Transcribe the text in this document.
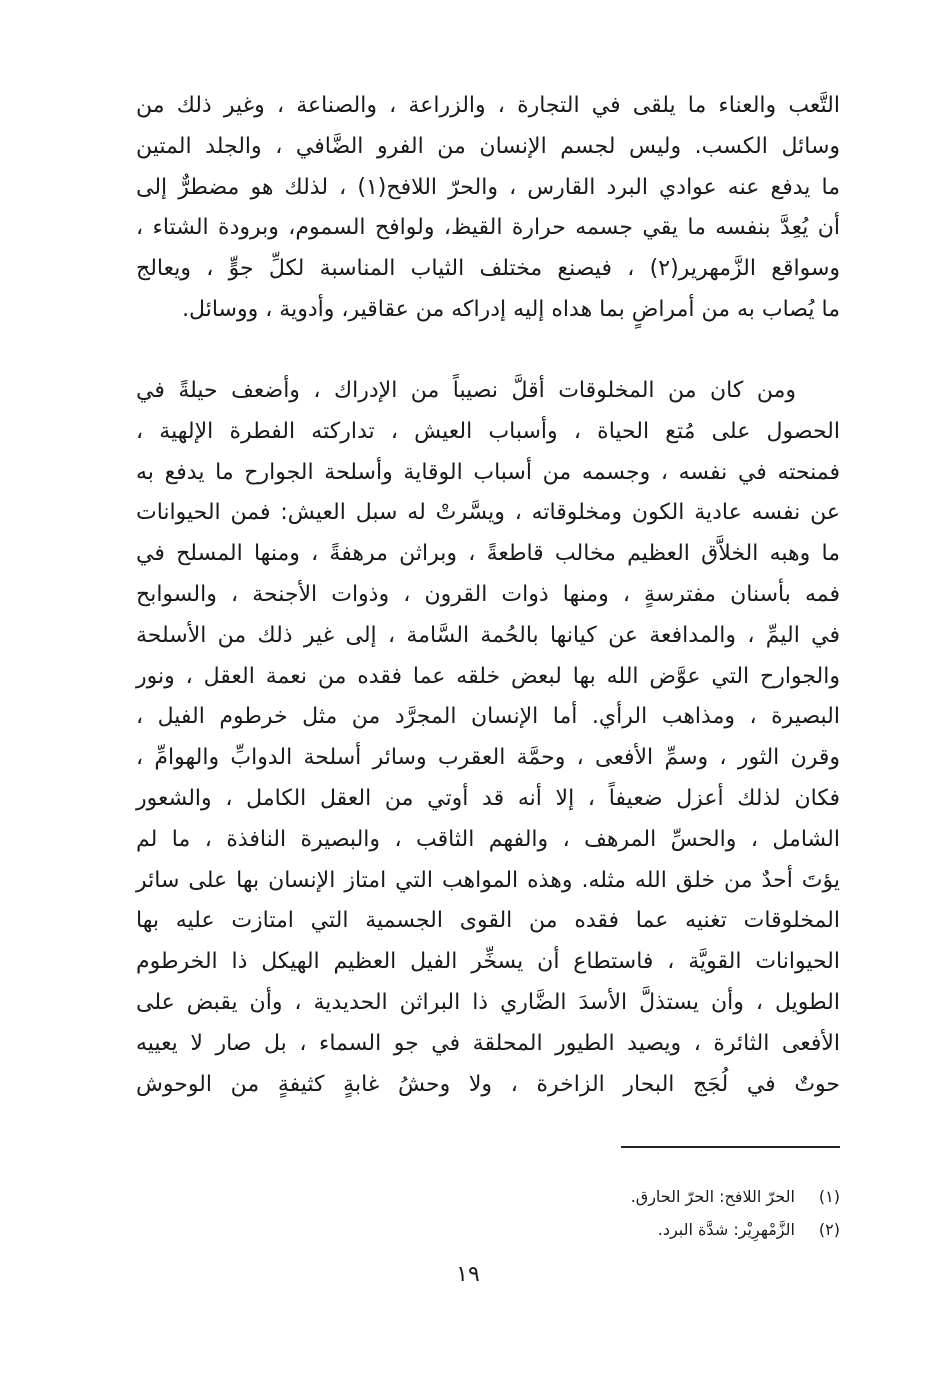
التَّعب والعناء ما يلقى في التجارة ، والزراعة ، والصناعة ، وغير ذلك من
وسائل الكسب. وليس لجسم الإنسان من الفرو الضَّافي ، والجلد المتين
ما يدفع عنه عوادي البرد القارس ، والحرّ اللافح(١) ، لذلك هو مضطرٌّ إلى
أن يُعِدَّ بنفسه ما يقي جسمه حرارة القيظ، ولوافح السموم، وبرودة الشتاء ،
وسواقع الزَّمهرير(٢) ، فيصنع مختلف الثياب المناسبة لكلِّ جوٍّ ، ويعالج
ما يُصاب به من أمراضٍ بما هداه إليه إدراكه من عقاقير، وأدوية ، ووسائل.
ومن كان من المخلوقات أقلَّ نصيباً من الإدراك ، وأضعف حيلةً في
الحصول على مُتع الحياة ، وأسباب العيش ، تداركته الفطرة الإلهية ،
فمنحته في نفسه ، وجسمه من أسباب الوقاية وأسلحة الجوارح ما يدفع به
عن نفسه عادية الكون ومخلوقاته ، ويسَّرتْ له سبل العيش: فمن الحيوانات
ما وهبه الخلاَّق العظيم مخالب قاطعةً ، وبراثن مرهفةً ، ومنها المسلح في
فمه بأسنان مفترسةٍ ، ومنها ذوات القرون ، وذوات الأجنحة ، والسوابح
في اليمِّ ، والمدافعة عن كيانها بالحُمة السَّامة ، إلى غير ذلك من الأسلحة
والجوارح التي عوَّض الله بها لبعض خلقه عما فقده من نعمة العقل ، ونور
البصيرة ، ومذاهب الرأي. أما الإنسان المجرَّد من مثل خرطوم الفيل ،
وقرن الثور ، وسمِّ الأفعى ، وحمَّة العقرب وسائر أسلحة الدوابِّ والهوامِّ ،
فكان لذلك أعزل ضعيفاً ، إلا أنه قد أوتي من العقل الكامل ، والشعور
الشامل ، والحسِّ المرهف ، والفهم الثاقب ، والبصيرة النافذة ، ما لم
يؤتَ أحدٌ من خلق الله مثله. وهذه المواهب التي امتاز الإنسان بها على سائر
المخلوقات تغنيه عما فقده من القوى الجسمية التي امتازت عليه بها
الحيوانات القويَّة ، فاستطاع أن يسخِّر الفيل العظيم الهيكل ذا الخرطوم
الطويل ، وأن يستذلَّ الأسدَ الضَّاري ذا البراثن الحديدية ، وأن يقبض على
الأفعى الثائرة ، ويصيد الطيور المحلقة في جو السماء ، بل صار لا يعييه
حوتٌ في لُجَج البحار الزاخرة ، ولا وحشُ غابةٍ كثيفةٍ من الوحوش
(١) الحرّ اللافح: الحرّ الحارق.
(٢) الزَّمْهرِيْر: شدَّة البرد.
١٩
